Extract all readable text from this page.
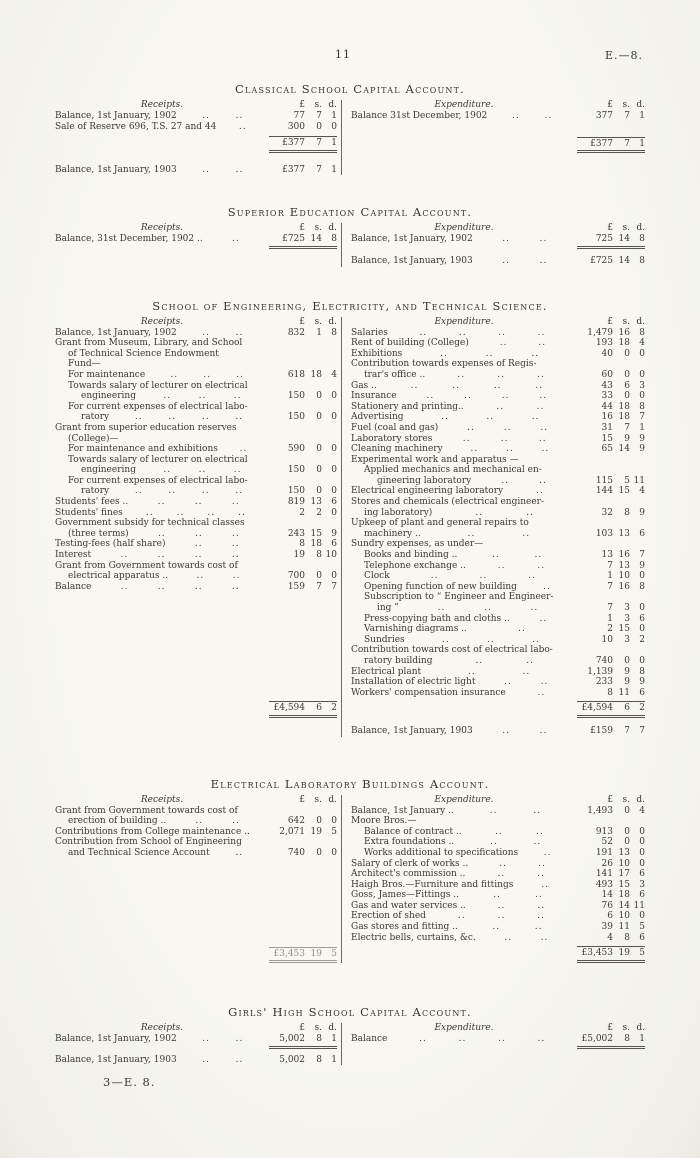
11	E.—8.
Classical School Capital Account.
Receipts.	£	s. d.
Balance, 1st January, 1902	..	..	77	7	1
Sale of Reserve 696, T.S. 27 and 44 ..	300	0	0
£377	7	1
Balance, 1st January, 1903	..	..	£377	7	1
Expenditure.	£	s. d.
Balance 31st December, 1902	..	..	377	7	1
£377	7	1
Superior Education Capital Account.
Receipts.	£	s. d.
Balance, 31st December, 1902 ..	..	£725 14	8
Expenditure.	£	s. d.
Balance, 1st January, 1902	..	..	725 14	8
Balance, 1st January, 1903	..	..	£725 14	8
School of Engineering, Electricity, and Technical Science.
Receipts.	£	s. d.
Balance, 1st January, 1902	..	..	832	1	8
Grant from Museum, Library, and School
of Technical Science Endowment
Fund—
For maintenance	..	..	..	618 18	4
Towards salary of lecturer on electrical
engineering	..	..	..	150	0	0
For current expenses of electrical labo-
ratory	..	..	..	..	150	0	0
Grant from superior education reserves
(College)—
For maintenance and exhibitions ..	590	0	0
Towards salary of lecturer on electrical
engineering	..	..	..	150	0	0
For current expenses of electrical labo-
ratory	..	..	..	..	150	0	0
Students' fees ..	..	..	..	819 13	6
Students' fines	..	..	..	..	2	2	0
Government subsidy for technical classes
(three terms)	..	..	..	243 15	9
Testing-fees (half share)	..	..	8 18	6
Interest	..	..	..	..	19	8 10
Grant from Government towards cost of
electrical apparatus ..	..	..	700	0	0
Balance	..	..	..	..	159	7	7
£4,594	6	2
Expenditure.	£	s. d.
Salaries	..	..	..	..	1,479 16	8
Rent of building (College)	..	..	193 18	4
Exhibitions	..	..	..	40	0	0
Contribution towards expenses of Regis-
trar's office ..	..	..	..	60	0	0
Gas ..	..	..	..	..	43	6	3
Insurance	..	..	..	..	33	0	0
Stationery and printing..	..	..	44 18	8
Advertising	..	..	..	16 18	7
Fuel (coal and gas)	..	..	..	31	7	1
Laboratory stores	..	..	..	15	9	9
Cleaning machinery	..	..	..	65 14	9
Experimental work and apparatus —
Applied mechanics and mechanical en-
gineering laboratory	..	..	115	5 11
Electrical engineering laboratory	..	144 15	4
Stores and chemicals (electrical engineer-
ing laboratory)	..	..	32	8	9
Upkeep of plant and general repairs to
machinery ..	..	..	103 13	6
Sundry expenses, as under—
Books and binding ..	..	..	13 16	7
Telephone exchange ..	..	..	7 13	9
Clock	..	..	..	1 10	0
Opening function of new building	..	7 16	8
Subscription to “ Engineer and Engineer-
ing ”	..	..	..	7	3	0
Press-copying bath and cloths ..	..	1	3	6
Varnishing diagrams ..	..	2 15	0
Sundries	..	..	..	10	3	2
Contribution towards cost of electrical labo-
ratory building	..	..	740	0	0
Electrical plant	..	..	1,139	9	8
Installation of electric light	..	..	233	9	9
Workers' compensation insurance	..	8 11	6
£4,594	6	2
Balance, 1st January, 1903	..	..	£159	7	7
Electrical Laboratory Buildings Account.
Receipts.	£	s. d.
Grant from Government towards cost of
erection of building ..	..	..	642	0	0
Contributions from College maintenance ..	2,071 19	5
Contribution from School of Engineering
and Technical Science Account	..	740	0	0
£3,453 19	5
Expenditure.	£	s. d.
Balance, 1st January ..	..	..	1,493	0	4
Moore Bros.—
Balance of contract ..	..	..	913	0	0
Extra foundations ..	..	..	52	0	0
Works additional to specifications	..	191 13	0
Salary of clerk of works ..	..	..	26 10	0
Architect's commission ..	..	..	141 17	6
Haigh Bros.—Furniture and fittings	..	493 15	3
Goss, James—Fittings ..	..	..	14 18	6
Gas and water services ..	..	..	76 14 11
Erection of shed	..	..	..	6 10	0
Gas stores and fitting ..	..	..	39 11	5
Electric bells, curtains, &c.	..	..	4	8	6
£3,453 19	5
Girls' High School Capital Account.
Receipts.	£	s. d.
Balance, 1st January, 1902	..	..	5,002	8	1
Balance, 1st January, 1903	..	..	5,002	8	1
Expenditure.	£	s. d.
Balance	..	..	..	..	£5,002	8	1
3—E. 8.
